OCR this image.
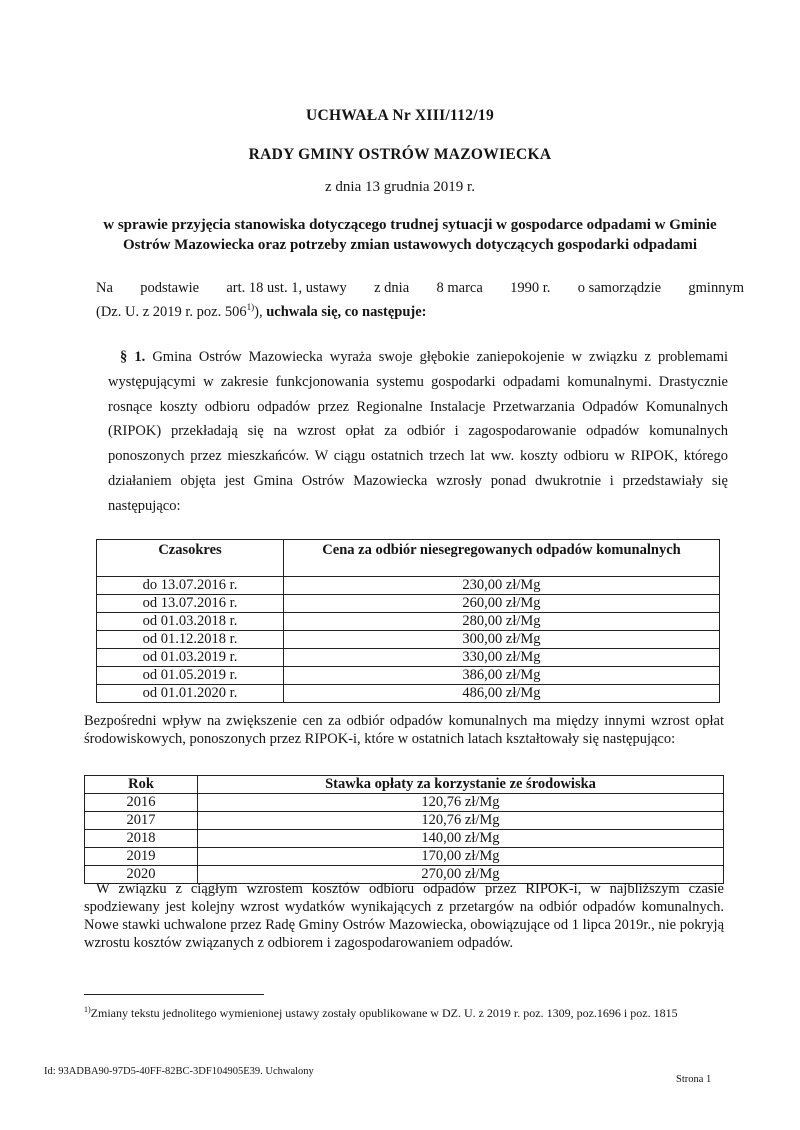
UCHWAŁA Nr XIII/112/19
RADY GMINY OSTRÓW MAZOWIECKA
z dnia 13 grudnia 2019 r.
w sprawie przyjęcia stanowiska dotyczącego trudnej sytuacji w gospodarce odpadami w Gminie Ostrów Mazowiecka oraz potrzeby zmian ustawowych dotyczących gospodarki odpadami
Na podstawie art. 18 ust. 1, ustawy z dnia 8 marca 1990 r. o samorządzie gminnym
(Dz. U. z 2019 r. poz. 506$^{1)}$), uchwala się, co następuje:
§ 1. Gmina Ostrów Mazowiecka wyraża swoje głębokie zaniepokojenie w związku z problemami występującymi w zakresie funkcjonowania systemu gospodarki odpadami komunalnymi. Drastycznie rosnące koszty odbioru odpadów przez Regionalne Instalacje Przetwarzania Odpadów Komunalnych (RIPOK) przekładają się na wzrost opłat za odbiór i zagospodarowanie odpadów komunalnych ponoszonych przez mieszkańców. W ciągu ostatnich trzech lat ww. koszty odbioru w RIPOK, którego działaniem objęta jest Gmina Ostrów Mazowiecka wzrosły ponad dwukrotnie i przedstawiały się następująco:
Czasokres	Cena za odbiór niesegregowanych odpadów komunalnych
do 13.07.2016 r.	230,00 zł/Mg
od 13.07.2016 r.	260,00 zł/Mg
od 01.03.2018 r.	280,00 zł/Mg
od 01.12.2018 r.	300,00 zł/Mg
od 01.03.2019 r.	330,00 zł/Mg
od 01.05.2019 r.	386,00 zł/Mg
od 01.01.2020 r.	486,00 zł/Mg
Bezpośredni wpływ na zwiększenie cen za odbiór odpadów komunalnych ma między innymi wzrost opłat środowiskowych, ponoszonych przez RIPOK-i, które w ostatnich latach kształtowały się następująco:
Rok	Stawka opłaty za korzystanie ze środowiska
2016	120,76 zł/Mg
2017	120,76 zł/Mg
2018	140,00 zł/Mg
2019	170,00 zł/Mg
2020	270,00 zł/Mg
W związku z ciągłym wzrostem kosztów odbioru odpadów przez RIPOK-i, w najbliższym czasie spodziewany jest kolejny wzrost wydatków wynikających z przetargów na odbiór odpadów komunalnych. Nowe stawki uchwalone przez Radę Gminy Ostrów Mazowiecka, obowiązujące od 1 lipca 2019r., nie pokryją wzrostu kosztów związanych z odbiorem i zagospodarowaniem odpadów.
$^{1)}$Zmiany tekstu jednolitego wymienionej ustawy zostały opublikowane w DZ. U. z 2019 r. poz. 1309, poz.1696 i poz. 1815
Id: 93ADBA90-97D5-40FF-82BC-3DF104905E39. Uchwalony
Strona 1
